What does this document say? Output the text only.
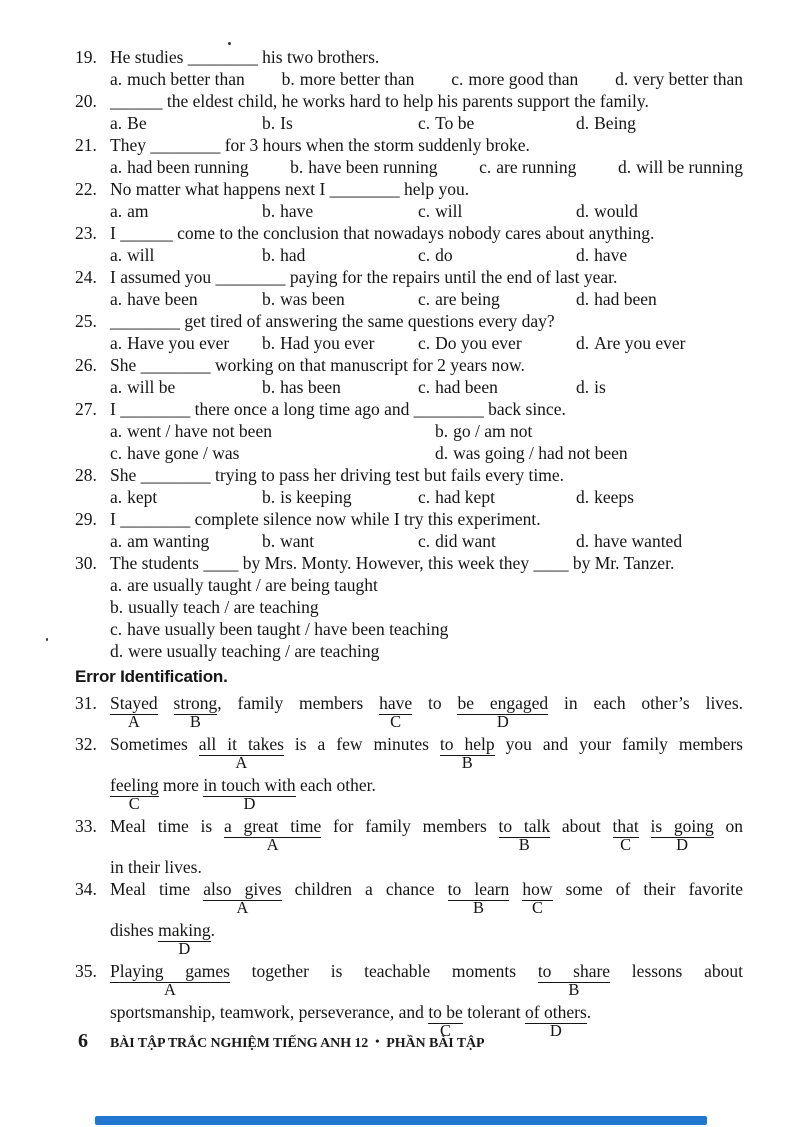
19. He studies ________ his two brothers.
a. much better than b. more better than c. more good than d. very better than
20. ______ the eldest child, he works hard to help his parents support the family.
a. Be	b. Is	c. To be	d. Being
21. They ________ for 3 hours when the storm suddenly broke.
a. had been running b. have been running c. are running d. will be running
22. No matter what happens next I ________ help you.
a. am	b. have	c. will	d. would
23. I ______ come to the conclusion that nowadays nobody cares about anything.
a. will	b. had	c. do	d. have
24. I assumed you ________ paying for the repairs until the end of last year.
a. have been	b. was been	c. are being	d. had been
25. ________ get tired of answering the same questions every day?
a. Have you ever	b. Had you ever	c. Do you ever	d. Are you ever
26. She ________ working on that manuscript for 2 years now.
a. will be	b. has been	c. had been	d. is
27. I ________ there once a long time ago and ________ back since.
a. went / have not been	b. go / am not
c. have gone / was	d. was going / had not been
28. She ________ trying to pass her driving test but fails every time.
a. kept	b. is keeping	c. had kept	d. keeps
29. I ________ complete silence now while I try this experiment.
a. am wanting	b. want	c. did want	d. have wanted
30. The students ____ by Mrs. Monty. However, this week they ____ by Mr. Tanzer.
a. are usually taught / are being taught
b. usually teach / are teaching
c. have usually been taught / have been teaching
d. were usually teaching / are teaching
Error Identification.
31. Stayed
A
strong
B
, family members have
C
to be engaged
D
in each other’s lives.
32. Sometimes all it takes
A
is a few minutes to help
B
you and your family members
feeling
C
more in touch with
D
each other.
33. Meal time is a great time
A
for family members to talk
B
about that
C
is going
D
on
in their lives.
34. Meal time also gives
A
children a chance to learn
B
how
C
some of their favorite
dishes making
D
.
35. Playing games
A
together is teachable moments to share
B
lessons about
sportsmanship, teamwork, perseverance, and to be
C
tolerant of others
D
.
6 BÀI TẬP TRẮC NGHIỆM TIẾNG ANH 12 • PHẦN BÀI TẬP
